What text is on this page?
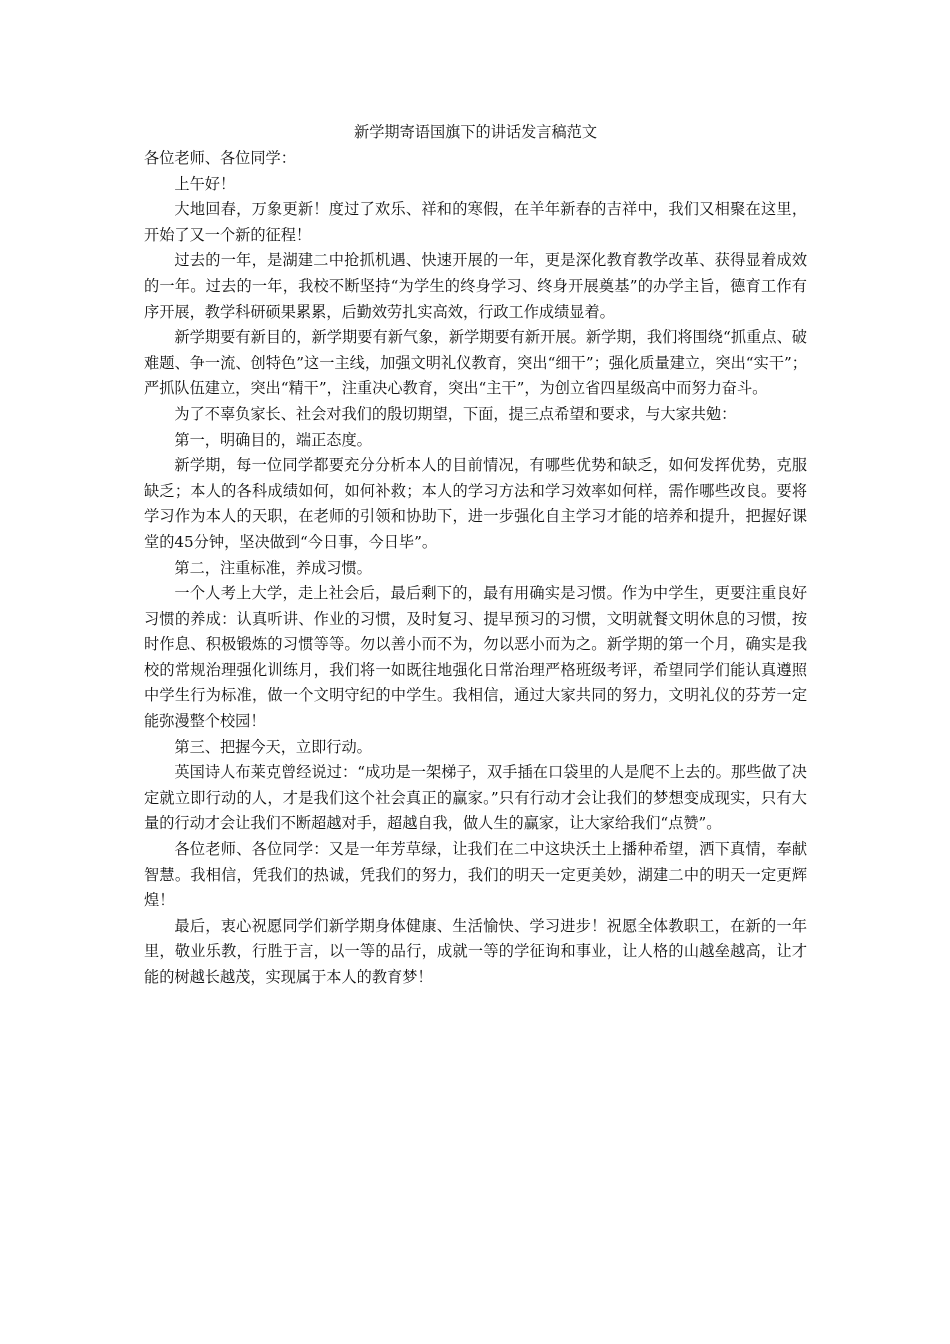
新学期寄语国旗下的讲话发言稿范文
各位老师、各位同学：

上午好！

大地回春，万象更新！度过了欢乐、祥和的寒假，在羊年新春的吉祥中，我们又相聚在这里，开始了又一个新的征程！

过去的一年，是湖建二中抢抓机遇、快速开展的一年，更是深化教育教学改革、获得显着成效的一年。过去的一年，我校不断坚持“为学生的终身学习、终身开展奠基”的办学主旨，德育工作有序开展，教学科研硕果累累，后勤效劳扎实高效，行政工作成绩显着。

新学期要有新目的，新学期要有新气象，新学期要有新开展。新学期，我们将围绕“抓重点、破难题、争一流、创特色”这一主线，加强文明礼仪教育，突出“细干”；强化质量建立，突出“实干”；严抓队伍建立，突出“精干”，注重决心教育，突出“主干”，为创立省四星级高中而努力奋斗。

为了不辜负家长、社会对我们的殷切期望，下面，提三点希望和要求，与大家共勉：

第一，明确目的，端正态度。

新学期，每一位同学都要充分分析本人的目前情况，有哪些优势和缺乏，如何发挥优势，克服缺乏；本人的各科成绩如何，如何补救；本人的学习方法和学习效率如何样，需作哪些改良。要将学习作为本人的天职，在老师的引领和协助下，进一步强化自主学习才能的培养和提升，把握好课堂的45分钟，坚决做到“今日事，今日毕”。

第二，注重标准，养成习惯。

一个人考上大学，走上社会后，最后剩下的，最有用确实是习惯。作为中学生，更要注重良好习惯的养成：认真听讲、作业的习惯，及时复习、提早预习的习惯，文明就餐文明休息的习惯，按时作息、积极锻炼的习惯等等。勿以善小而不为，勿以恶小而为之。新学期的第一个月，确实是我校的常规治理强化训练月，我们将一如既往地强化日常治理严格班级考评，希望同学们能认真遵照中学生行为标准，做一个文明守纪的中学生。我相信，通过大家共同的努力，文明礼仪的芬芳一定能弥漫整个校园！

第三、把握今天，立即行动。

英国诗人布莱克曾经说过：“成功是一架梯子，双手插在口袋里的人是爬不上去的。那些做了决定就立即行动的人，才是我们这个社会真正的赢家。”只有行动才会让我们的梦想变成现实，只有大量的行动才会让我们不断超越对手，超越自我，做人生的赢家，让大家给我们“点赞”。

各位老师、各位同学：又是一年芳草绿，让我们在二中这块沃土上播种希望，洒下真情，奉献智慧。我相信，凭我们的热诚，凭我们的努力，我们的明天一定更美妙，湖建二中的明天一定更辉煌！

最后，衷心祝愿同学们新学期身体健康、生活愉快、学习进步！祝愿全体教职工，在新的一年里，敬业乐教，行胜于言，以一等的品行，成就一等的学征询和事业，让人格的山越垒越高，让才能的树越长越茂，实现属于本人的教育梦！
